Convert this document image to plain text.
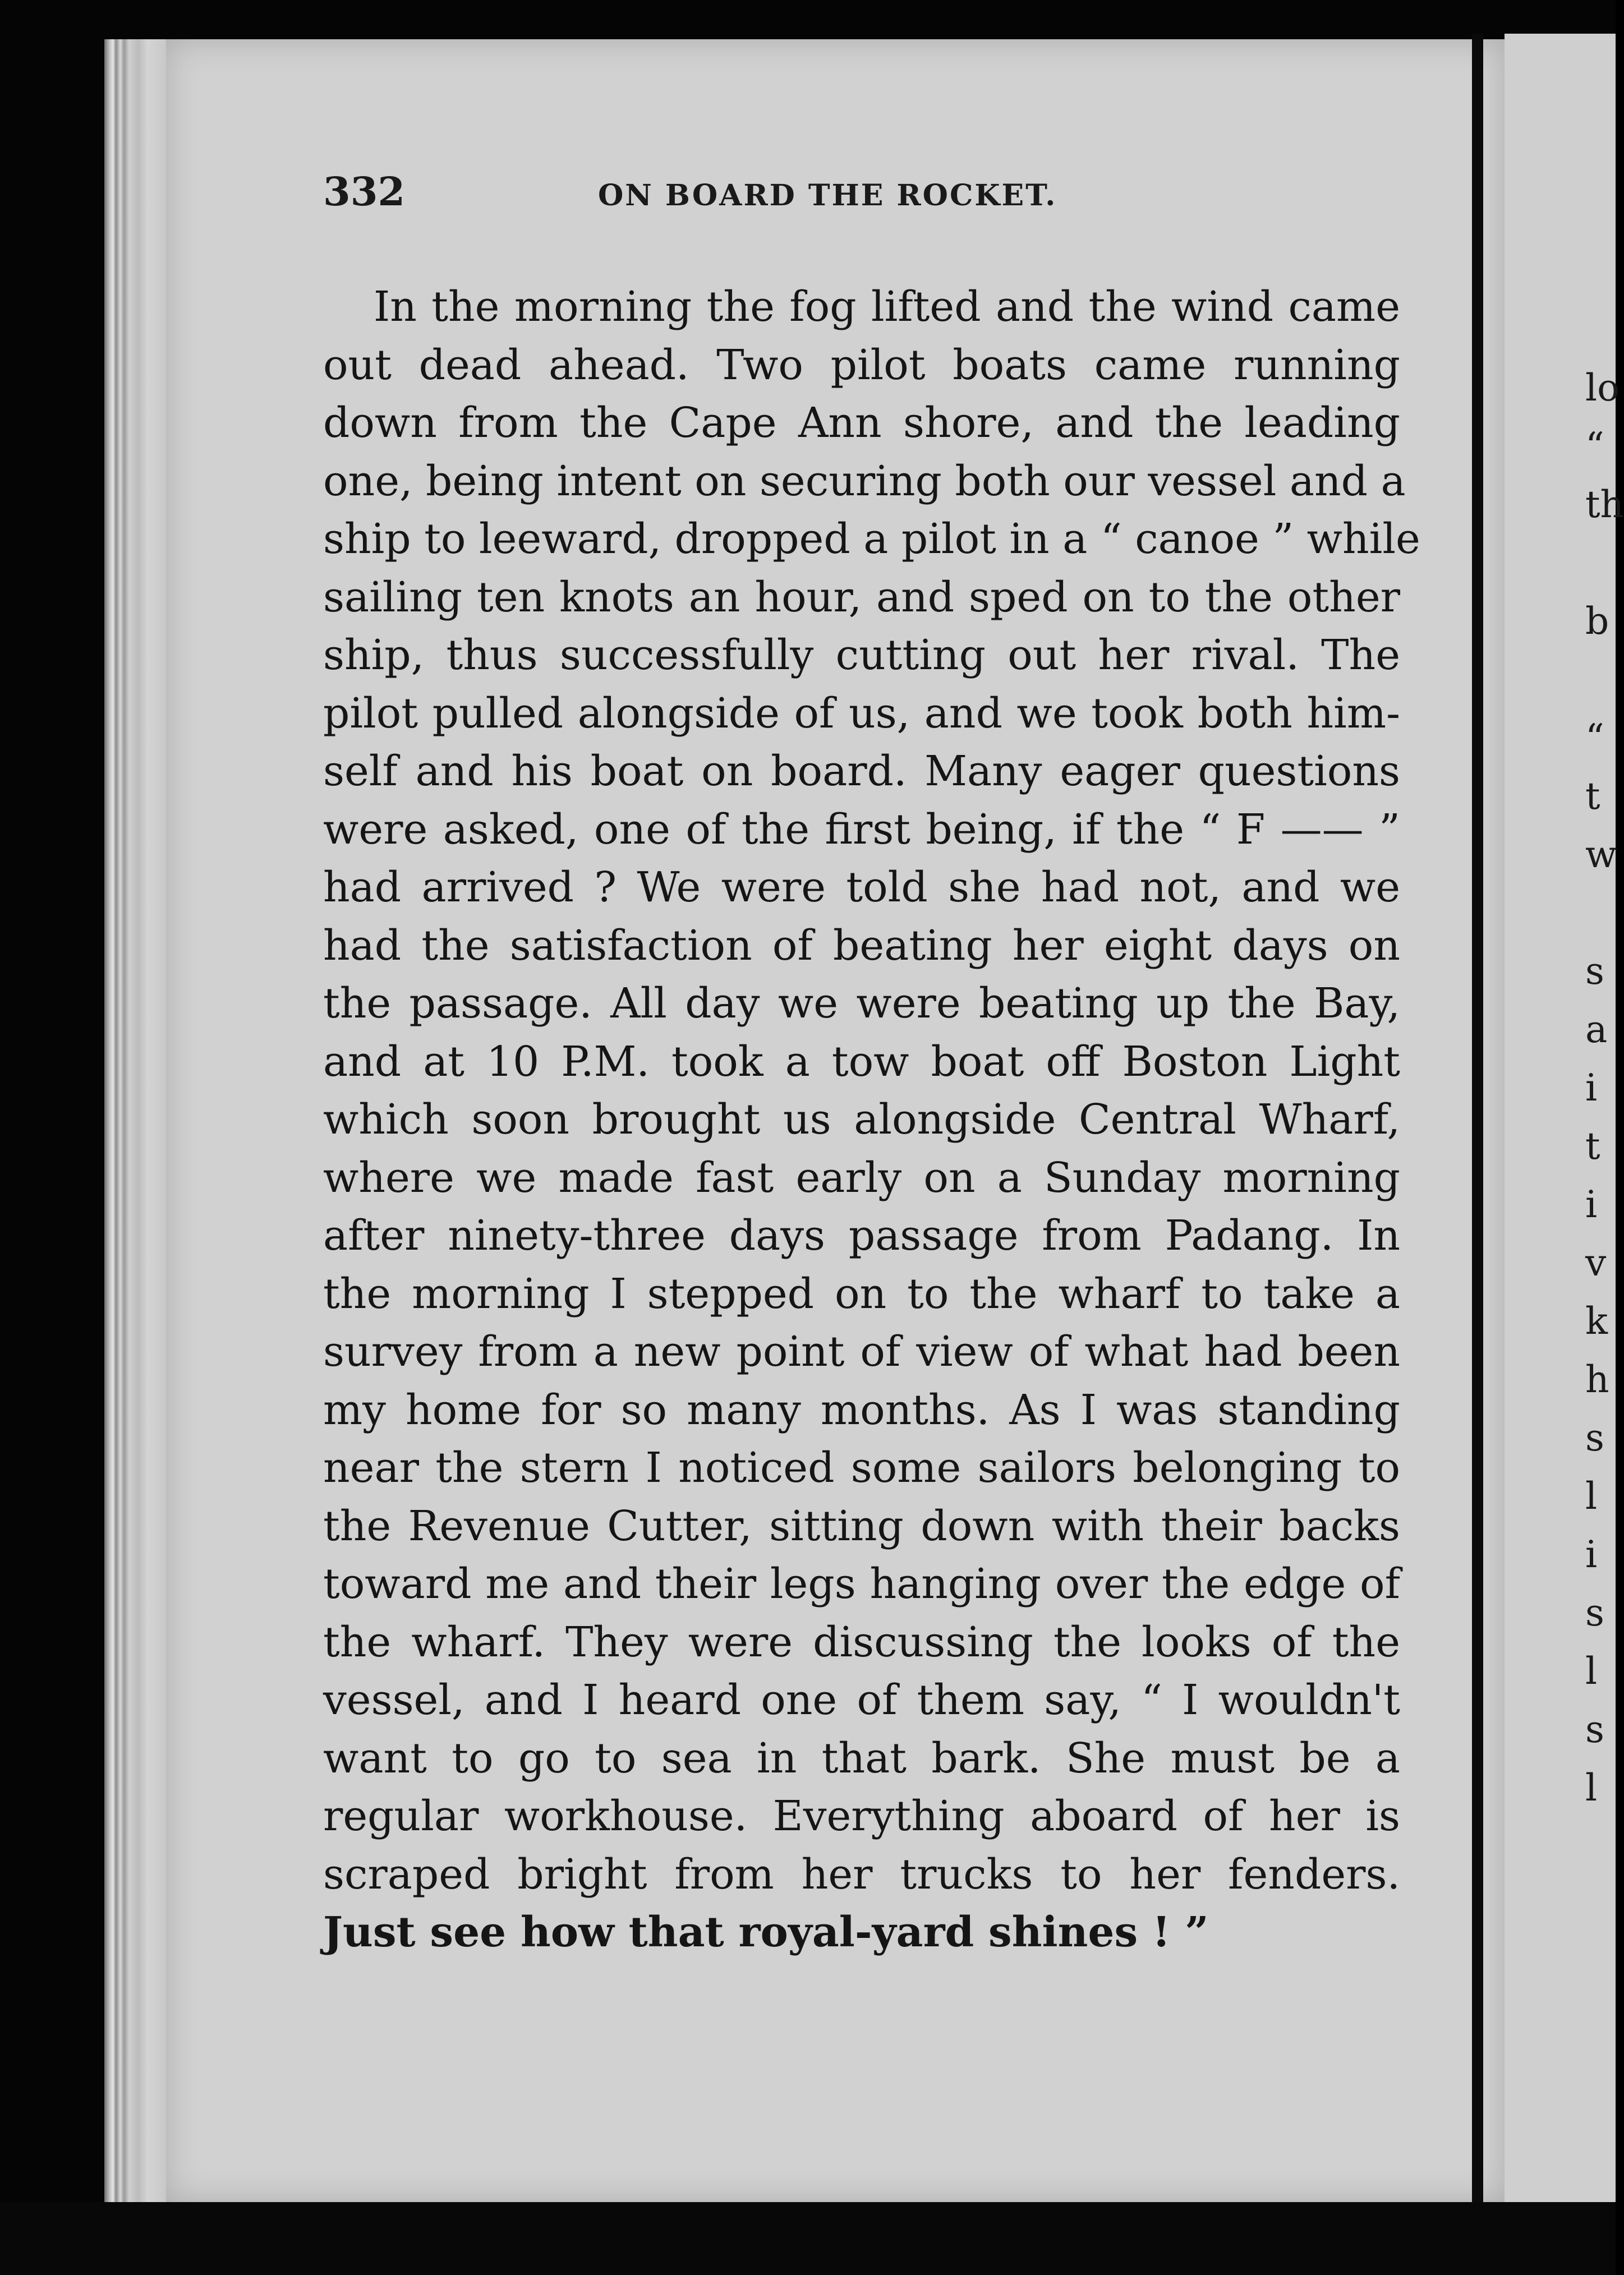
332	ON BOARD THE ROCKET.
In the morning the fog lifted and the wind came
out dead ahead. Two pilot boats came running
down from the Cape Ann shore, and the leading
one, being intent on securing both our vessel and a
ship to leeward, dropped a pilot in a “ canoe ” while
sailing ten knots an hour, and sped on to the other
ship, thus successfully cutting out her rival. The
pilot pulled alongside of us, and we took both him-
self and his boat on board. Many eager questions
were asked, one of the first being, if the “ F —— ”
had arrived ? We were told she had not, and we
had the satisfaction of beating her eight days on
the passage. All day we were beating up the Bay,
and at 10 P.M. took a tow boat off Boston Light
which soon brought us alongside Central Wharf,
where we made fast early on a Sunday morning
after ninety-three days passage from Padang. In
the morning I stepped on to the wharf to take a
survey from a new point of view of what had been
my home for so many months. As I was standing
near the stern I noticed some sailors belonging to
the Revenue Cutter, sitting down with their backs
toward me and their legs hanging over the edge of
the wharf. They were discussing the looks of the
vessel, and I heard one of them say, “ I wouldn't
want to go to sea in that bark. She must be a
regular workhouse. Everything aboard of her is
scraped bright from her trucks to her fenders.
Just see how that royal-yard shines ! ”
lo
“
th
b
“
t
w
s
a
i
t
i
v
k
h
s
l
i
s
l
s
l
